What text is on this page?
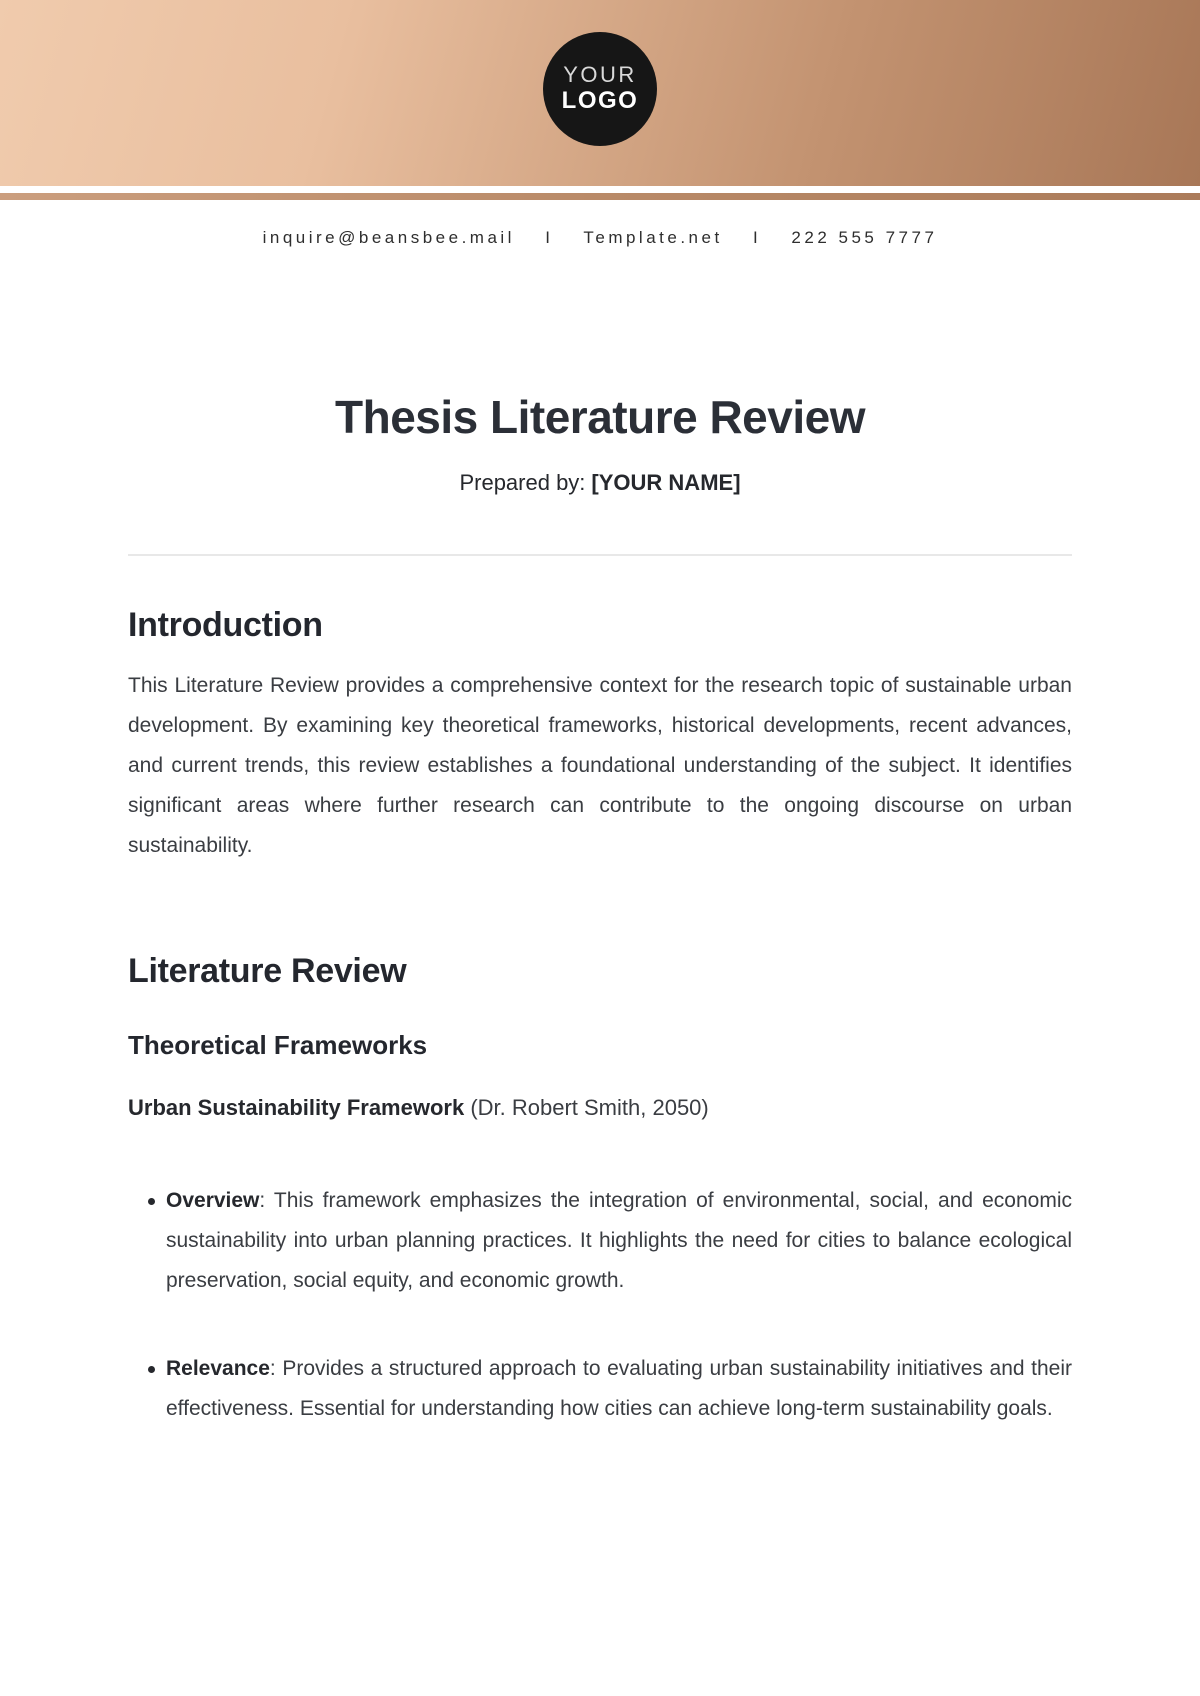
YOUR
LOGO
inquire@beansbee.mail I Template.net I 222 555 7777
Thesis Literature Review

Prepared by: [YOUR NAME]

Introduction

This Literature Review provides a comprehensive context for the research topic of sustainable urban development. By examining key theoretical frameworks, historical developments, recent advances, and current trends, this review establishes a foundational understanding of the subject. It identifies significant areas where further research can contribute to the ongoing discourse on urban sustainability.

Literature Review
Theoretical Frameworks

Urban Sustainability Framework (Dr. Robert Smith, 2050)

Overview: This framework emphasizes the integration of environmental, social, and economic sustainability into urban planning practices. It highlights the need for cities to balance ecological preservation, social equity, and economic growth.
Relevance: Provides a structured approach to evaluating urban sustainability initiatives and their effectiveness. Essential for understanding how cities can achieve long-term sustainability goals.
